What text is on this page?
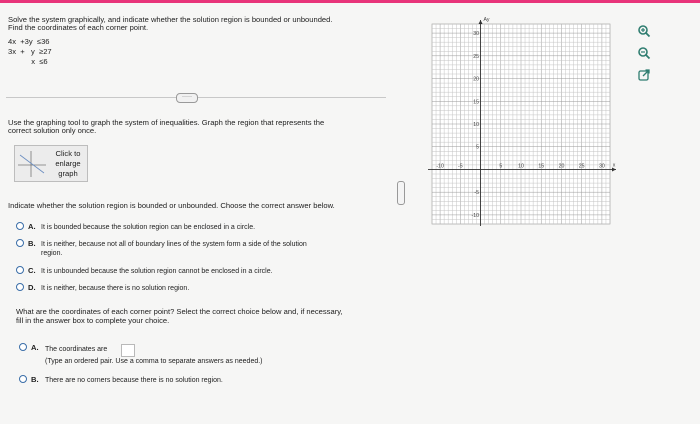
Solve the system graphically, and indicate whether the solution region is bounded or unbounded.
Find the coordinates of each corner point.
4x  +3y  ≤36
3x  +   y  ≥27
x  ≤6
·····
Use the graphing tool to graph the system of inequalities. Graph the region that represents the
correct solution only once.
Click to
enlarge
graph
Indicate whether the solution region is bounded or unbounded. Choose the correct answer below.
A. It is bounded because the solution region can be enclosed in a circle.
B. It is neither, because not all of boundary lines of the system form a side of the solution
region.
C. It is unbounded because the solution region cannot be enclosed in a circle.
D. It is neither, because there is no solution region.
What are the coordinates of each corner point? Select the correct choice below and, if necessary,
fill in the answer box to complete your choice.
A. The coordinates are
(Type an ordered pair. Use a comma to separate answers as needed.)
B. There are no corners because there is no solution region.
30
25
20
15
10
5
-5
-10
-10	-5	5	10	15	20	25	30
Ay
x
